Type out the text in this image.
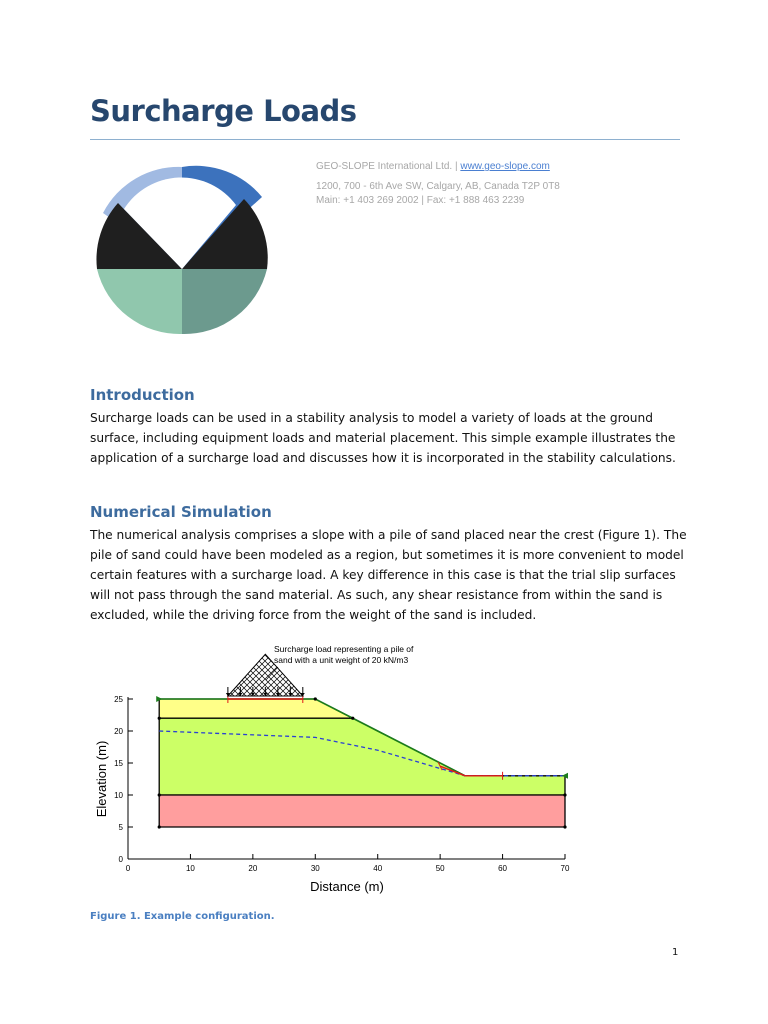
Surcharge Loads
GEO-SLOPE International Ltd. | www.geo-slope.com
1200, 700 - 6th Ave SW, Calgary, AB, Canada T2P 0T8
Main: +1 403 269 2002 | Fax: +1 888 463 2239
Introduction

Surcharge loads can be used in a stability analysis to model a variety of loads at the ground surface, including equipment loads and material placement. This simple example illustrates the application of a surcharge load and discusses how it is incorporated in the stability calculations.

Numerical Simulation

The numerical analysis comprises a slope with a pile of sand placed near the crest (Figure 1). The pile of sand could have been modeled as a region, but sometimes it is more convenient to model certain features with a surcharge load. A key difference in this case is that the trial slip surfaces will not pass through the sand material. As such, any shear resistance from within the sand is excluded, while the driving force from the weight of the sand is included.

0	10	20	30	40	50	60	70
0
5
10
15
20
25
Surcharge load representing a pile of
sand with a unit weight of 20 kN/m3
Distance (m)
Elevation (m)
Figure 1. Example configuration.
1
